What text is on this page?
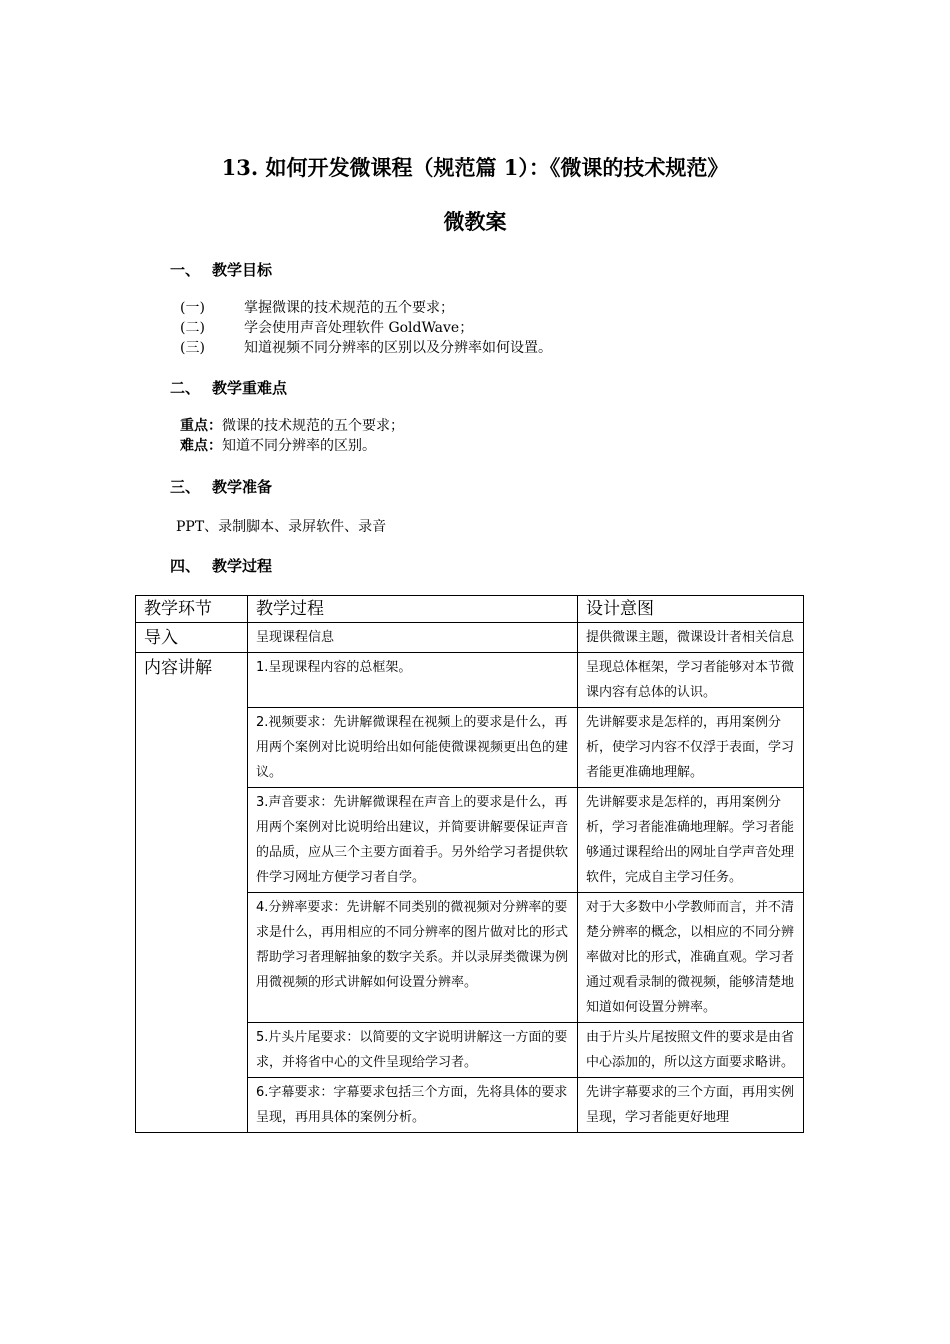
13. 如何开发微课程（规范篇 1）：《微课的技术规范》
微教案
一、 教学目标
(一)	掌握微课的技术规范的五个要求；
(二)	学会使用声音处理软件 GoldWave；
(三)	知道视频不同分辨率的区别以及分辨率如何设置。
二、 教学重难点
重点：微课的技术规范的五个要求；
难点：知道不同分辨率的区别。
三、 教学准备
PPT、录制脚本、录屏软件、录音
四、 教学过程
教学环节	教学过程	设计意图
导入	呈现课程信息	提供微课主题，微课设计者相关信息
内容讲解	1.呈现课程内容的总框架。	呈现总体框架，学习者能够对本节微课内容有总体的认识。
	2.视频要求：先讲解微课程在视频上的要求是什么，再用两个案例对比说明给出如何能使微课视频更出色的建议。	先讲解要求是怎样的，再用案例分析，使学习内容不仅浮于表面，学习者能更准确地理解。
	3.声音要求：先讲解微课程在声音上的要求是什么，再用两个案例对比说明给出建议，并简要讲解要保证声音的品质，应从三个主要方面着手。另外给学习者提供软件学习网址方便学习者自学。	先讲解要求是怎样的，再用案例分析，学习者能准确地理解。学习者能够通过课程给出的网址自学声音处理软件，完成自主学习任务。
	4.分辨率要求：先讲解不同类别的微视频对分辨率的要求是什么，再用相应的不同分辨率的图片做对比的形式帮助学习者理解抽象的数字关系。并以录屏类微课为例用微视频的形式讲解如何设置分辨率。	对于大多数中小学教师而言，并不清楚分辨率的概念，以相应的不同分辨率做对比的形式，准确直观。学习者通过观看录制的微视频，能够清楚地知道如何设置分辨率。
	5.片头片尾要求：以简要的文字说明讲解这一方面的要求，并将省中心的文件呈现给学习者。	由于片头片尾按照文件的要求是由省中心添加的，所以这方面要求略讲。
	6.字幕要求：字幕要求包括三个方面，先将具体的要求呈现，再用具体的案例分析。	先讲字幕要求的三个方面，再用实例呈现，学习者能更好地理
